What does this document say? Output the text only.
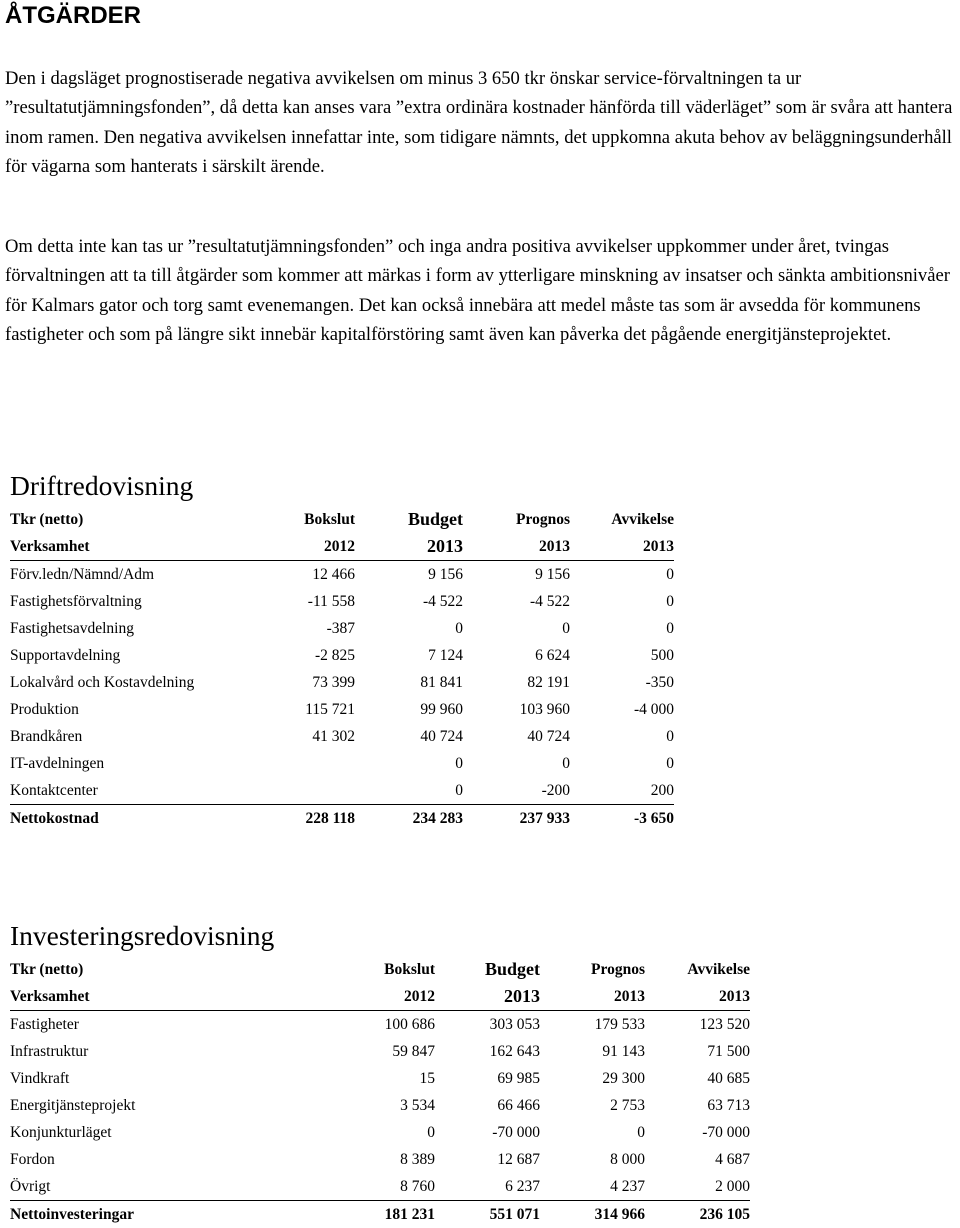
ÅTGÄRDER

Den i dagsläget prognostiserade negativa avvikelsen om minus 3 650 tkr önskar service-förvaltningen ta ur ”resultatutjämningsfonden”, då detta kan anses vara ”extra ordinära kostnader hänförda till väderläget” som är svåra att hantera inom ramen. Den negativa avvikelsen innefattar inte, som tidigare nämnts, det uppkomna akuta behov av beläggningsunderhåll för vägarna som hanterats i särskilt ärende.

Om detta inte kan tas ur ”resultatutjämningsfonden” och inga andra positiva avvikelser uppkommer under året, tvingas förvaltningen att ta till åtgärder som kommer att märkas i form av ytterligare minskning av insatser och sänkta ambitionsnivåer för Kalmars gator och torg samt evenemangen. Det kan också innebära att medel måste tas som är avsedda för kommunens fastigheter och som på längre sikt innebär kapitalförstöring samt även kan påverka det pågående energitjänsteprojektet.

Driftredovisning
Tkr (netto)	Bokslut	Budget	Prognos	Avvikelse
Verksamhet	2012	2013	2013	2013
Förv.ledn/Nämnd/Adm	12 466	9 156	9 156	0
Fastighetsförvaltning	-11 558	-4 522	-4 522	0
Fastighetsavdelning	-387	0	0	0
Supportavdelning	-2 825	7 124	6 624	500
Lokalvård och Kostavdelning	73 399	81 841	82 191	-350
Produktion	115 721	99 960	103 960	-4 000
Brandkåren	41 302	40 724	40 724	0
IT-avdelningen		0	0	0
Kontaktcenter		0	-200	200
Nettokostnad	228 118	234 283	237 933	-3 650
Investeringsredovisning
Tkr (netto)	Bokslut	Budget	Prognos	Avvikelse
Verksamhet	2012	2013	2013	2013
Fastigheter	100 686	303 053	179 533	123 520
Infrastruktur	59 847	162 643	91 143	71 500
Vindkraft	15	69 985	29 300	40 685
Energitjänsteprojekt	3 534	66 466	2 753	63 713
Konjunkturläget	0	-70 000	0	-70 000
Fordon	8 389	12 687	8 000	4 687
Övrigt	8 760	6 237	4 237	2 000
Nettoinvesteringar	181 231	551 071	314 966	236 105
